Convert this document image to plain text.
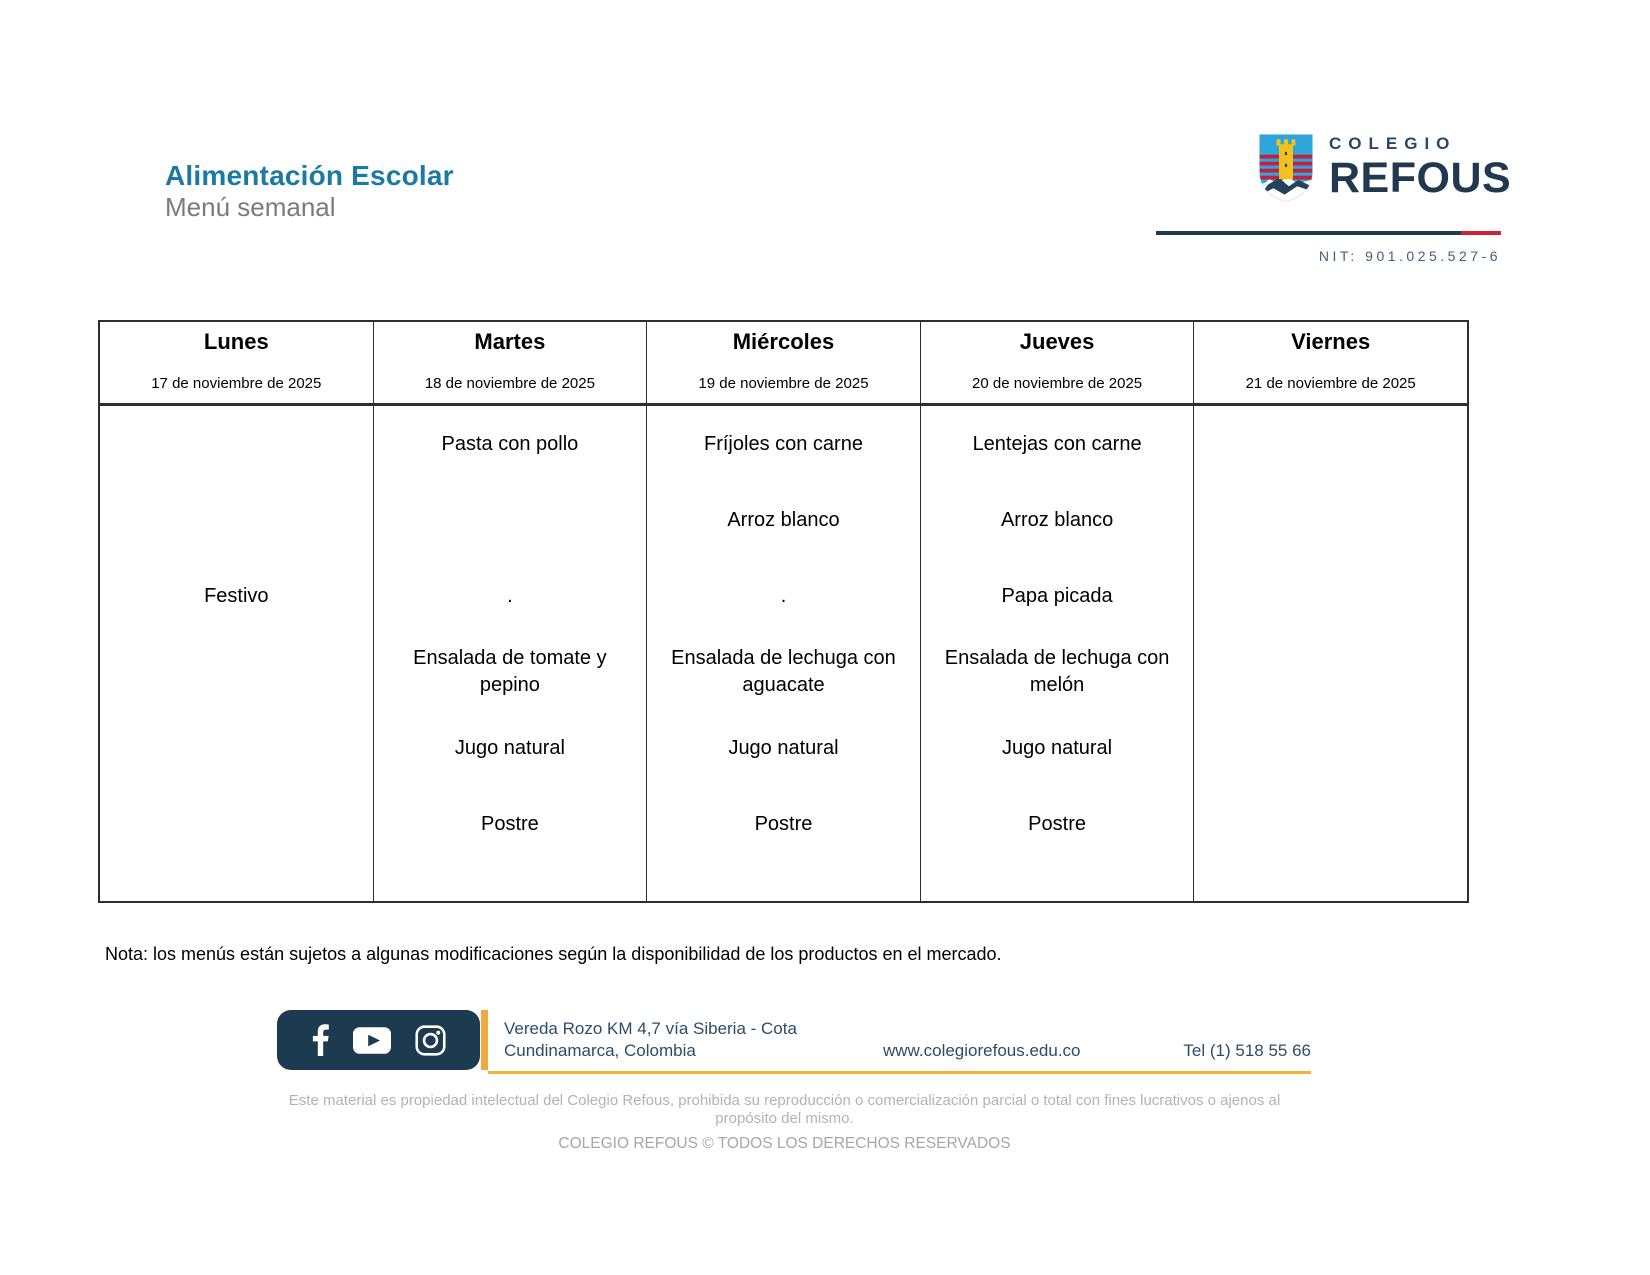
Alimentación Escolar
Menú semanal
COLEGIO
REFOUS
NIT: 901.025.527-6
Lunes
17 de noviembre de 2025
Festivo
Martes
18 de noviembre de 2025
Pasta con pollo
.
Ensalada de tomate y pepino
Jugo natural
Postre
Miércoles
19 de noviembre de 2025
Fríjoles con carne
Arroz blanco
.
Ensalada de lechuga con aguacate
Jugo natural
Postre
Jueves
20 de noviembre de 2025
Lentejas con carne
Arroz blanco
Papa picada
Ensalada de lechuga con melón
Jugo natural
Postre
Viernes
21 de noviembre de 2025
Nota: los menús están sujetos a algunas modificaciones según la disponibilidad de los productos en el mercado.
Vereda Rozo KM 4,7 vía Siberia - Cota
Cundinamarca, Colombia	www.colegiorefous.edu.co	Tel (1) 518 55 66
Este material es propiedad intelectual del Colegio Refous, prohibida su reproducción o comercialización parcial o total con fines lucrativos o ajenos al propósito del mismo.
COLEGIO REFOUS © TODOS LOS DERECHOS RESERVADOS
